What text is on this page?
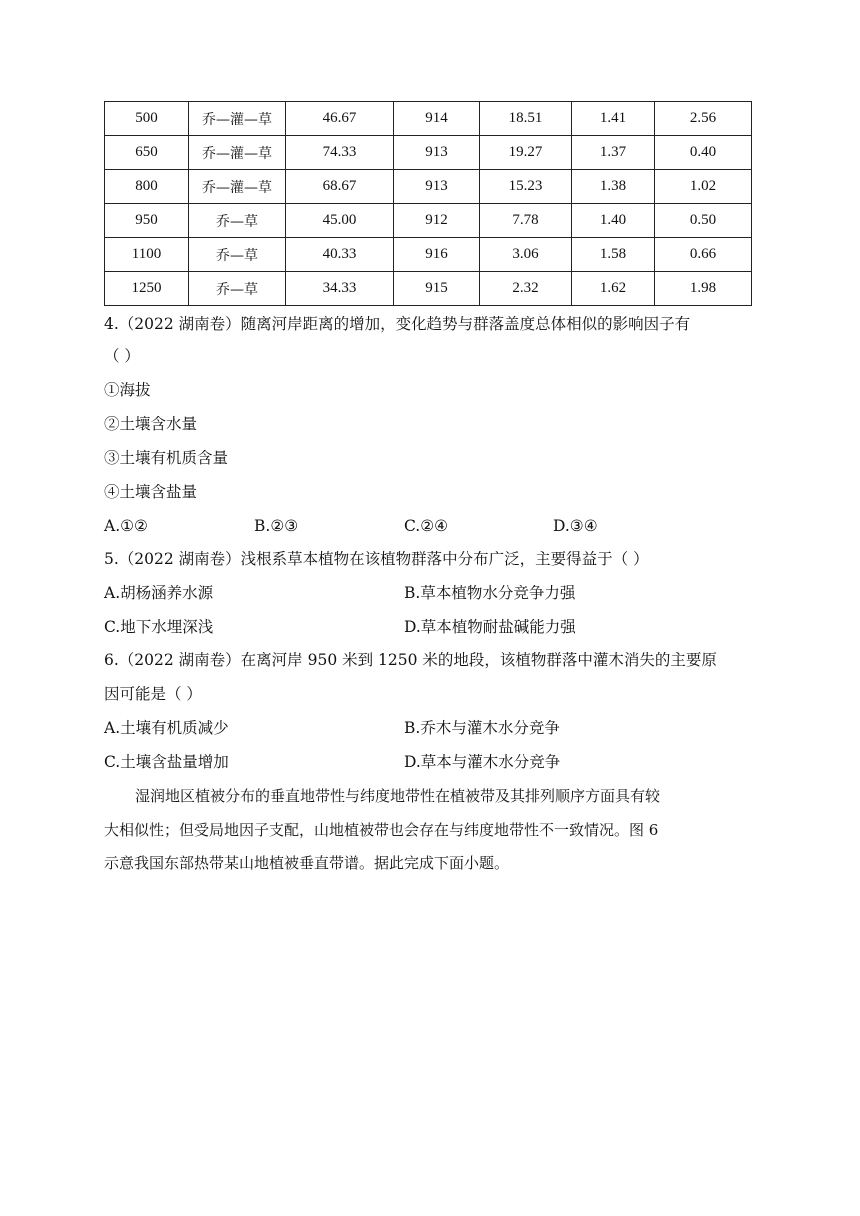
500	乔—灌—草	46.67	914	18.51	1.41	2.56
650	乔—灌—草	74.33	913	19.27	1.37	0.40
800	乔—灌—草	68.67	913	15.23	1.38	1.02
950	乔—草	45.00	912	7.78	1.40	0.50
1100	乔—草	40.33	916	3.06	1.58	0.66
1250	乔—草	34.33	915	2.32	1.62	1.98
4.（2022 湖南卷）随离河岸距离的增加，变化趋势与群落盖度总体相似的影响因子有
（ ）
①海拔
②土壤含水量
③土壤有机质含量
④土壤含盐量
A.①②	B.②③	C.②④	D.③④
5.（2022 湖南卷）浅根系草本植物在该植物群落中分布广泛，主要得益于（ ）
A.胡杨涵养水源	B.草本植物水分竞争力强
C.地下水埋深浅	D.草本植物耐盐碱能力强
6.（2022 湖南卷）在离河岸 950 米到 1250 米的地段，该植物群落中灌木消失的主要原
因可能是（ ）
A.土壤有机质减少	B.乔木与灌木水分竞争
C.土壤含盐量增加	D.草本与灌木水分竞争
湿润地区植被分布的垂直地带性与纬度地带性在植被带及其排列顺序方面具有较
大相似性；但受局地因子支配，山地植被带也会存在与纬度地带性不一致情况。图 6
示意我国东部热带某山地植被垂直带谱。据此完成下面小题。
